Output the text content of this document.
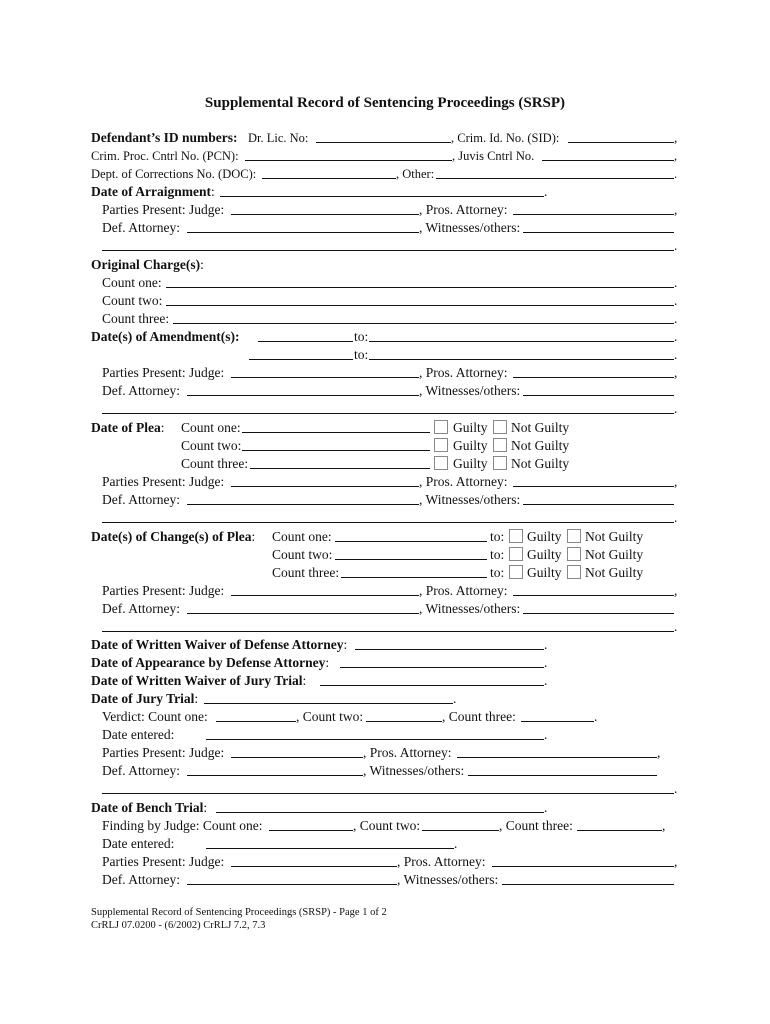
Supplemental Record of Sentencing Proceedings (SRSP)
Defendant’s ID numbers: Dr. Lic. No:	, Crim. Id. No. (SID):	,
Crim. Proc. Cntrl No. (PCN):	, Juvis Cntrl No.	,
Dept. of Corrections No. (DOC):	, Other:	.
Date of Arraignment:	.
Parties Present: Judge:	, Pros. Attorney:	,
Def. Attorney:	, Witnesses/others:
.
Original Charge(s):
Count one:	.
Count two:	.
Count three:	.
Date(s) of Amendment(s):	to:	.
to:	.
Parties Present: Judge:	, Pros. Attorney:	,
Def. Attorney:	, Witnesses/others:
.
Date of Plea: Count one:	Guilty Not Guilty
Count two:	Guilty Not Guilty
Count three:	Guilty Not Guilty
Parties Present: Judge:	, Pros. Attorney:	,
Def. Attorney:	, Witnesses/others:
.
Date(s) of Change(s) of Plea: Count one:	to: Guilty Not Guilty
Count two:	to: Guilty Not Guilty
Count three:	to: Guilty Not Guilty
Parties Present: Judge:	, Pros. Attorney:	,
Def. Attorney:	, Witnesses/others:
.
Date of Written Waiver of Defense Attorney:	.
Date of Appearance by Defense Attorney:	.
Date of Written Waiver of Jury Trial:	.
Date of Jury Trial:	.
Verdict: Count one:	, Count two:	, Count three:	.
Date entered:	.
Parties Present: Judge:	, Pros. Attorney:	,
Def. Attorney:	, Witnesses/others:
.
Date of Bench Trial:	.
Finding by Judge: Count one:	, Count two:	, Count three:	,
Date entered:	.
Parties Present: Judge:	, Pros. Attorney:	,
Def. Attorney:	, Witnesses/others:
Supplemental Record of Sentencing Proceedings (SRSP) - Page 1 of 2
CrRLJ 07.0200 - (6/2002) CrRLJ 7.2, 7.3
